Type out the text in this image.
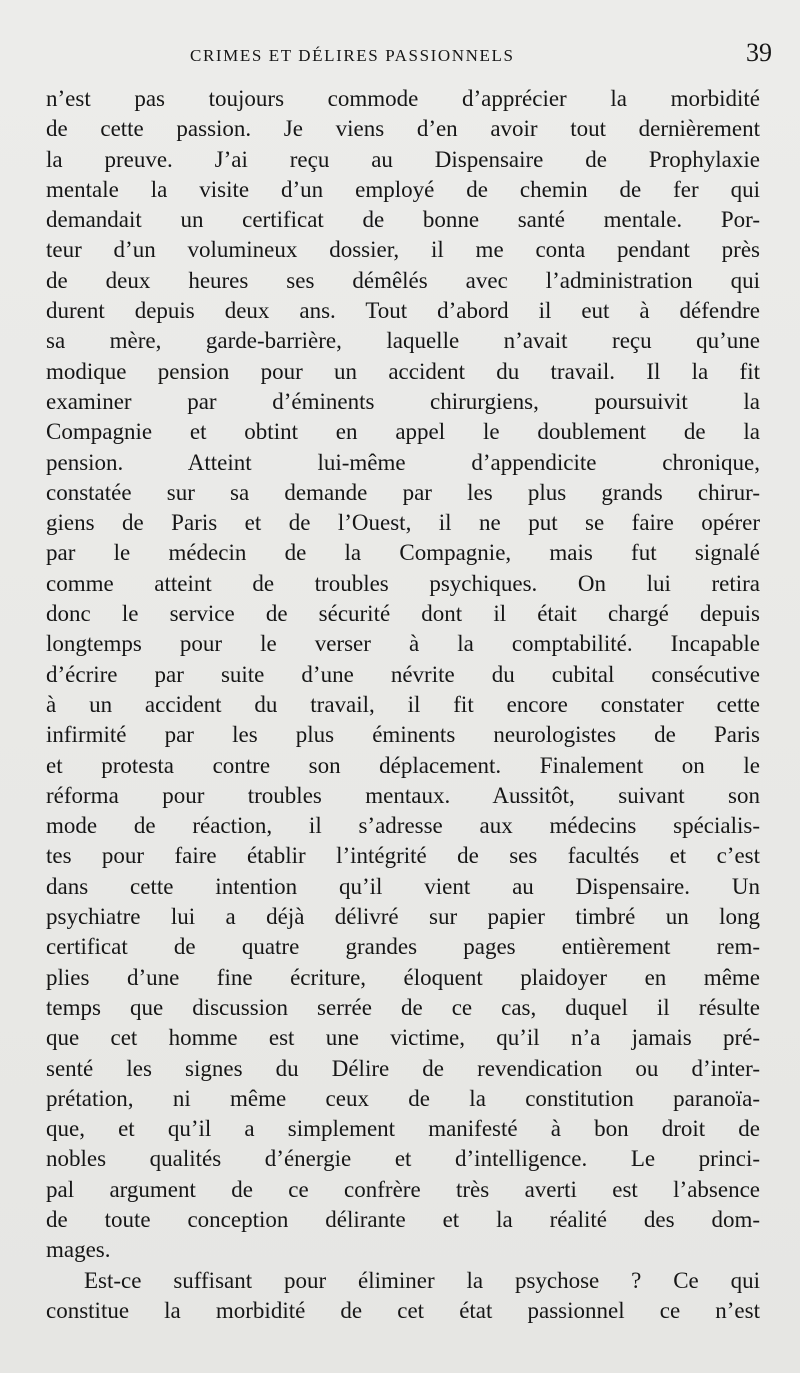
CRIMES ET DÉLIRES PASSIONNELS	39
n’est pas toujours commode d’apprécier la morbidité
de cette passion. Je viens d’en avoir tout dernièrement
la preuve. J’ai reçu au Dispensaire de Prophylaxie
mentale la visite d’un employé de chemin de fer qui
demandait un certificat de bonne santé mentale. Por-
teur d’un volumineux dossier, il me conta pendant près
de deux heures ses démêlés avec l’administration qui
durent depuis deux ans. Tout d’abord il eut à défendre
sa mère, garde-barrière, laquelle n’avait reçu qu’une
modique pension pour un accident du travail. Il la fit
examiner par d’éminents chirurgiens, poursuivit la
Compagnie et obtint en appel le doublement de la
pension. Atteint lui-même d’appendicite chronique,
constatée sur sa demande par les plus grands chirur-
giens de Paris et de l’Ouest, il ne put se faire opérer
par le médecin de la Compagnie, mais fut signalé
comme atteint de troubles psychiques. On lui retira
donc le service de sécurité dont il était chargé depuis
longtemps pour le verser à la comptabilité. Incapable
d’écrire par suite d’une névrite du cubital consécutive
à un accident du travail, il fit encore constater cette
infirmité par les plus éminents neurologistes de Paris
et protesta contre son déplacement. Finalement on le
réforma pour troubles mentaux. Aussitôt, suivant son
mode de réaction, il s’adresse aux médecins spécialis-
tes pour faire établir l’intégrité de ses facultés et c’est
dans cette intention qu’il vient au Dispensaire. Un
psychiatre lui a déjà délivré sur papier timbré un long
certificat de quatre grandes pages entièrement rem-
plies d’une fine écriture, éloquent plaidoyer en même
temps que discussion serrée de ce cas, duquel il résulte
que cet homme est une victime, qu’il n’a jamais pré-
senté les signes du Délire de revendication ou d’inter-
prétation, ni même ceux de la constitution paranoïa-
que, et qu’il a simplement manifesté à bon droit de
nobles qualités d’énergie et d’intelligence. Le princi-
pal argument de ce confrère très averti est l’absence
de toute conception délirante et la réalité des dom-
mages.
Est-ce suffisant pour éliminer la psychose ? Ce qui
constitue la morbidité de cet état passionnel ce n’est
